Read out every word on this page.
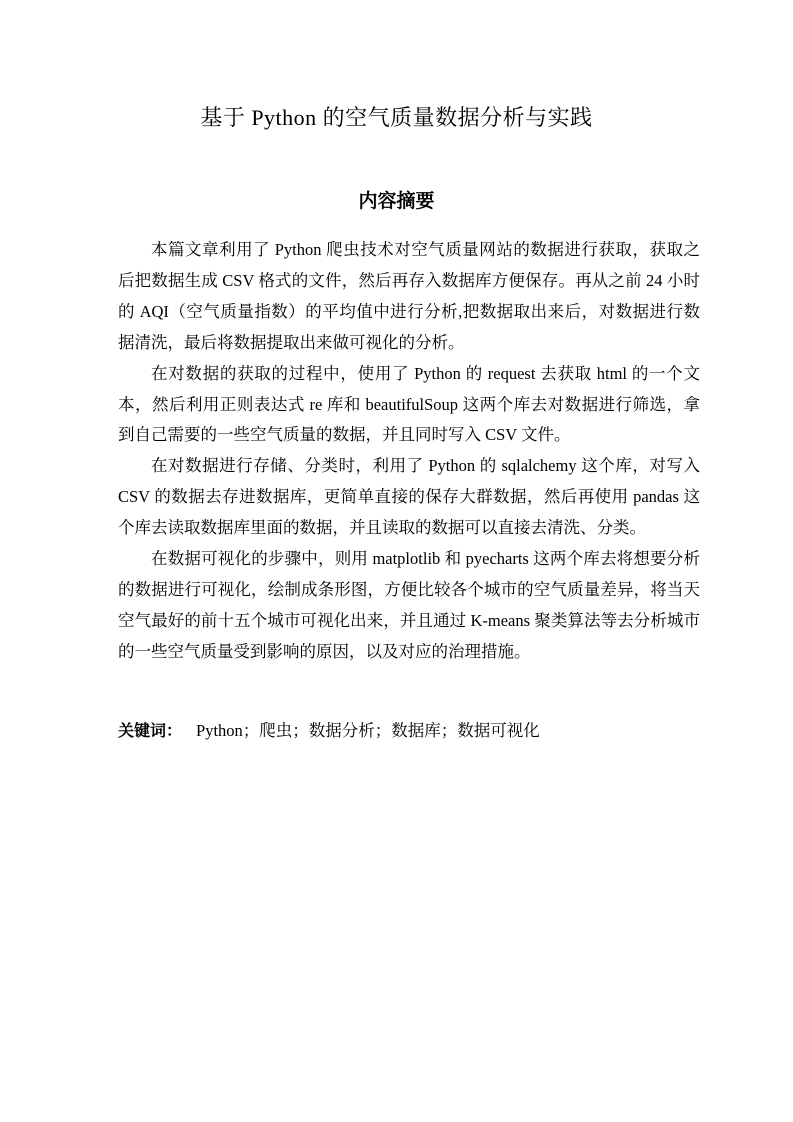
基于 Python 的空气质量数据分析与实践
内容摘要

本篇文章利用了 Python 爬虫技术对空气质量网站的数据进行获取，获取之后把数据生成 CSV 格式的文件，然后再存入数据库方便保存。再从之前 24 小时的 AQI（空气质量指数）的平均值中进行分析,把数据取出来后，对数据进行数据清洗，最后将数据提取出来做可视化的分析。

在对数据的获取的过程中，使用了 Python 的 request 去获取 html 的一个文本，然后利用正则表达式 re 库和 beautifulSoup 这两个库去对数据进行筛选，拿到自己需要的一些空气质量的数据，并且同时写入 CSV 文件。

在对数据进行存储、分类时，利用了 Python 的 sqlalchemy 这个库，对写入 CSV 的数据去存进数据库，更简单直接的保存大群数据，然后再使用 pandas 这个库去读取数据库里面的数据，并且读取的数据可以直接去清洗、分类。

在数据可视化的步骤中，则用 matplotlib 和 pyecharts 这两个库去将想要分析的数据进行可视化，绘制成条形图，方便比较各个城市的空气质量差异，将当天空气最好的前十五个城市可视化出来，并且通过 K-means 聚类算法等去分析城市的一些空气质量受到影响的原因，以及对应的治理措施。

关键词： Python；爬虫；数据分析；数据库；数据可视化
